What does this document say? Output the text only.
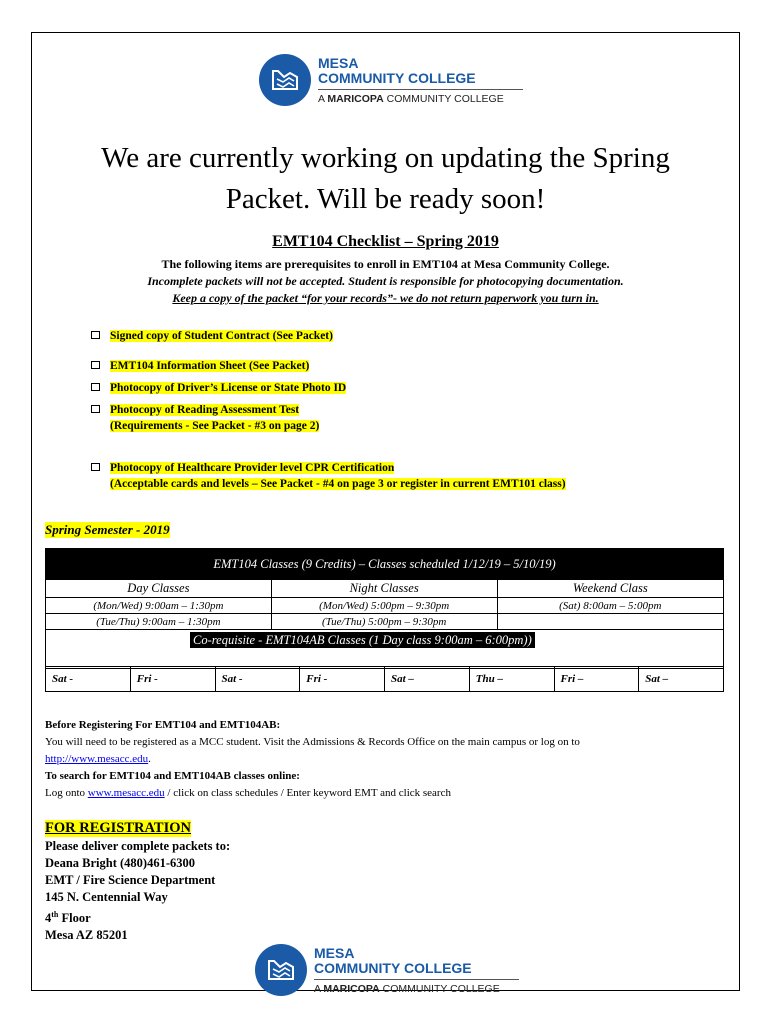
MESA
COMMUNITY COLLEGE
A MARICOPA COMMUNITY COLLEGE
We are currently working on updating the Spring
Packet. Will be ready soon!
EMT104 Checklist – Spring 2019
The following items are prerequisites to enroll in EMT104 at Mesa Community College.
Incomplete packets will not be accepted. Student is responsible for photocopying documentation.
Keep a copy of the packet “for your records”- we do not return paperwork you turn in.
Signed copy of Student Contract (See Packet)
EMT104 Information Sheet (See Packet)
Photocopy of Driver’s License or State Photo ID
Photocopy of Reading Assessment Test
(Requirements - See Packet - #3 on page 2)
Photocopy of Healthcare Provider level CPR Certification
(Acceptable cards and levels – See Packet - #4 on page 3 or register in current EMT101 class)
Spring Semester - 2019
EMT104 Classes (9 Credits) – Classes scheduled 1/12/19 – 5/10/19)		
Day Classes	Night Classes	Weekend Class
(Mon/Wed) 9:00am – 1:30pm	(Mon/Wed) 5:00pm – 9:30pm	(Sat) 8:00am – 5:00pm
(Tue/Thu) 9:00am – 1:30pm	(Tue/Thu) 5:00pm – 9:30pm	

Co-requisite - EMT104AB Classes (1 Day class 9:00am – 6:00pm))
Sat -	Fri -	Sat -	Fri -	Sat –	Thu –	Fri –	Sat –
Before Registering For EMT104 and EMT104AB:
You will need to be registered as a MCC student. Visit the Admissions & Records Office on the main campus or log on to
http://www.mesacc.edu.
To search for EMT104 and EMT104AB classes online:
Log onto www.mesacc.edu / click on class schedules / Enter keyword EMT and click search
FOR REGISTRATION
Please deliver complete packets to:
Deana Bright (480)461-6300
EMT / Fire Science Department
145 N. Centennial Way
4th Floor
Mesa AZ 85201
MESA
COMMUNITY COLLEGE
A MARICOPA COMMUNITY COLLEGE
